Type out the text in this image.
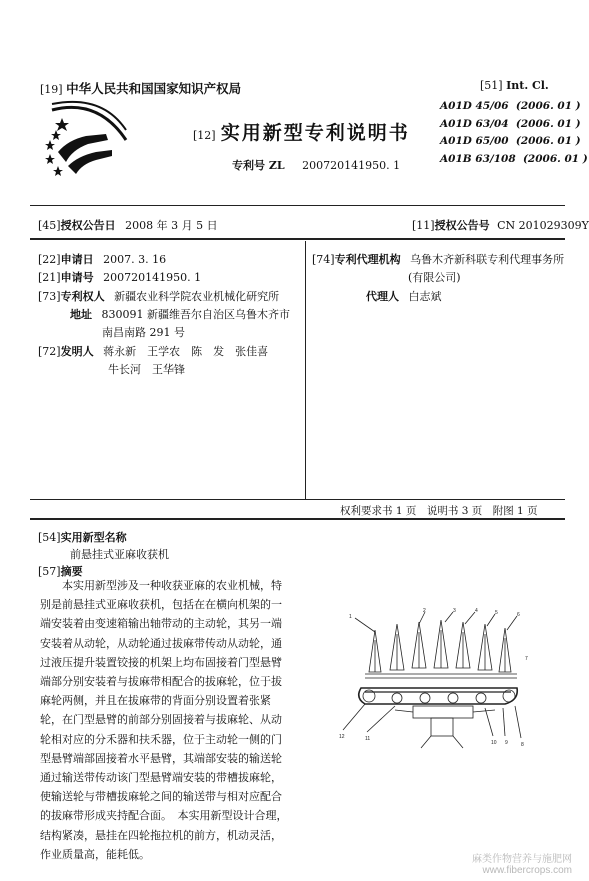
[19] 中华人民共和国国家知识产权局	[51] Int. Cl.
A01D 45/06 (2006. 01 )
A01D 63/04 (2006. 01 )
A01D 65/00 (2006. 01 )
A01B 63/108 (2006. 01 )
[12] 实用新型专利说明书
专利号 ZL 200720141950. 1
[45]授权公告日 2008 年 3 月 5 日	[11]授权公告号 CN 201029309Y
[22]申请日 2007. 3. 16
[21]申请号 200720141950. 1
[73]专利权人 新疆农业科学院农业机械化研究所
地址 830091 新疆维吾尔自治区乌鲁木齐市
南昌南路 291 号
[72]发明人 蒋永新　王学农　陈　发　张佳喜
牛长河　王华锋
[74]专利代理机构 乌鲁木齐新科联专利代理事务所
(有限公司)
代理人 白志斌
权利要求书 1 页　说明书 3 页　附图 1 页
[54]实用新型名称
前悬挂式亚麻收获机
[57]摘要
　　本实用新型涉及一种收获亚麻的农业机械，特
别是前悬挂式亚麻收获机，包括在在横向机架的一
端安装着由变速箱输出轴带动的主动轮，其另一端
安装着从动轮，从动轮通过拔麻带传动从动轮，通
过液压提升装置铰接的机架上均布固接着门型悬臂
端部分别安装着与拔麻带相配合的拔麻轮，位于拔
麻轮两侧，并且在拔麻带的背面分别设置着张紧
轮，在门型悬臂的前部分别固接着与拔麻轮、从动
轮相对应的分禾器和扶禾器，位于主动轮一侧的门
型悬臂端部固接着水平悬臂，其端部安装的输送轮
通过输送带传动该门型悬臂端安装的带槽拔麻轮，
使输送轮与带槽拔麻轮之间的输送带与相对应配合
的拔麻带形成夹持配合面。　本实用新型设计合理，
结构紧凑，悬挂在四轮拖拉机的前方，机动灵活，
作业质量高，能耗低。
1
2	3	4	5	6
7
8
9
10
11
12
麻类作物营养与施肥网
www.fibercrops.com
